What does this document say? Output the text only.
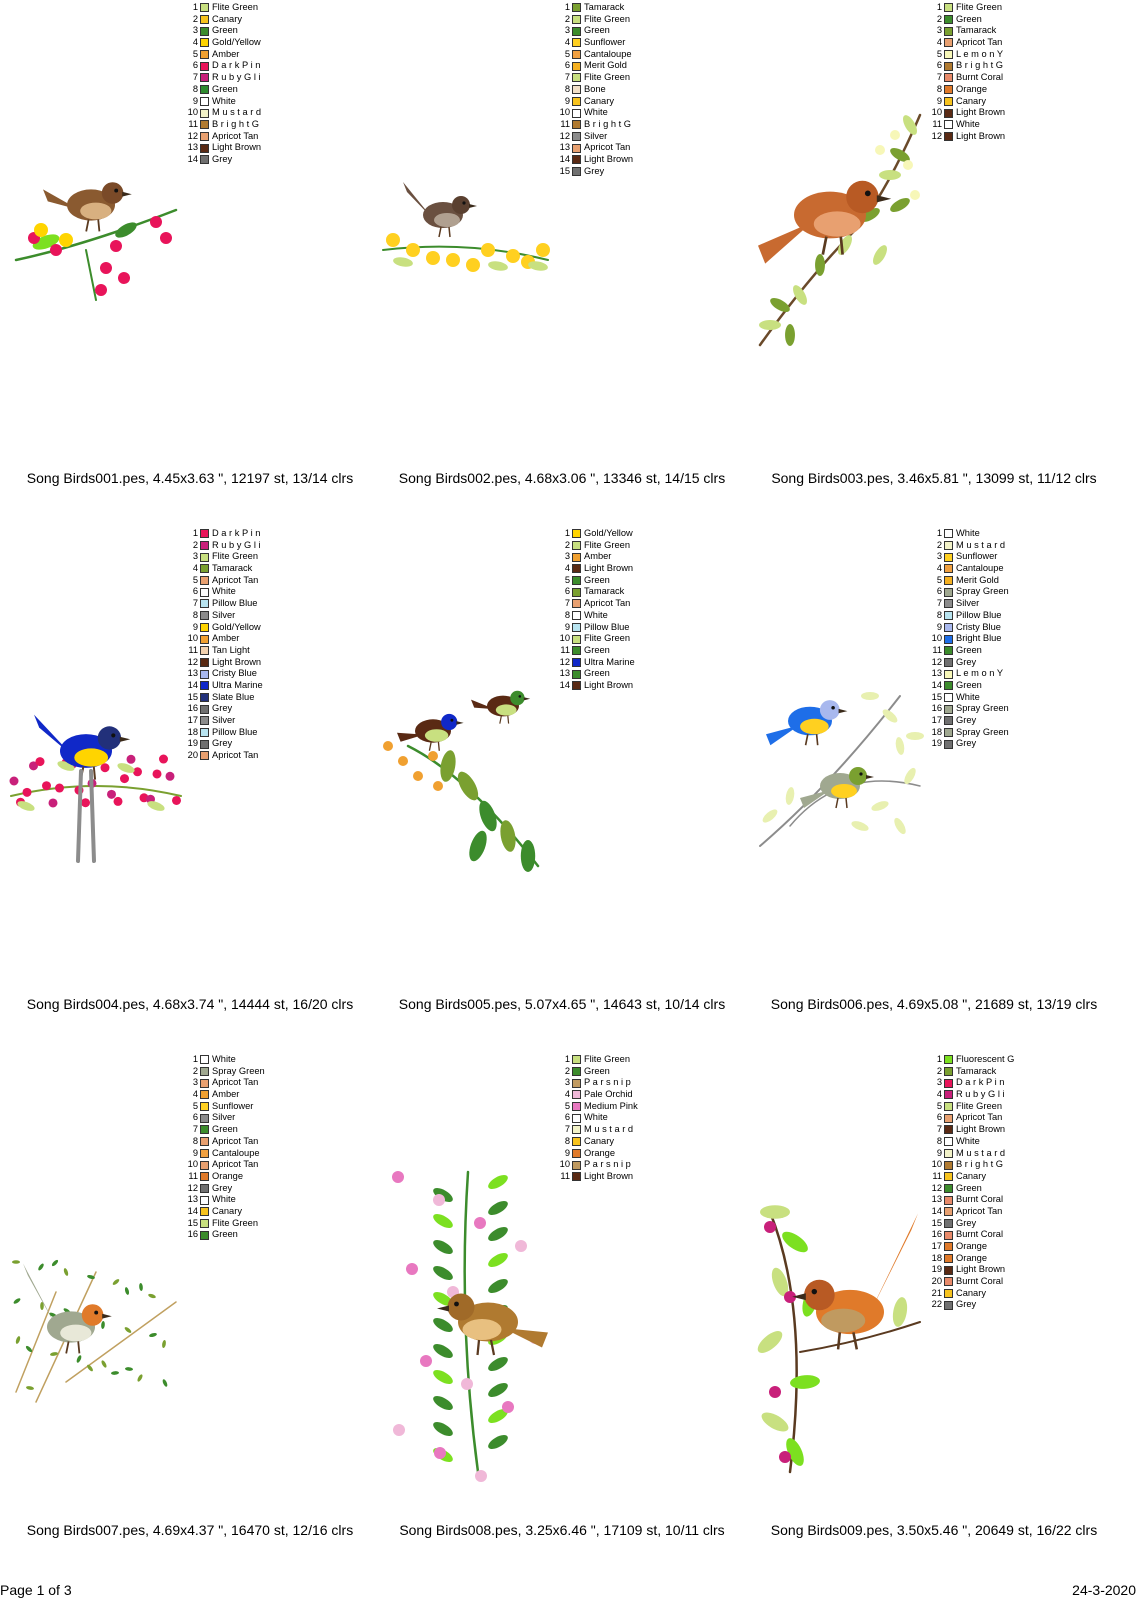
1 Flite Green
2 Canary
3 Green
4 Gold/Yellow
5 Amber
6 D a r k P i n
7 R u b y G l i
8 Green
9 White
10 M u s t a r d
11 B r i g h t G
12 Apricot Tan
13 Light Brown
14 Grey
Song Birds001.pes, 4.45x3.63 ", 12197 st, 13/14 clrs
1 Tamarack
2 Flite Green
3 Green
4 Sunflower
5 Cantaloupe
6 Merit Gold
7 Flite Green
8 Bone
9 Canary
10 White
11 B r i g h t G
12 Silver
13 Apricot Tan
14 Light Brown
15 Grey
Song Birds002.pes, 4.68x3.06 ", 13346 st, 14/15 clrs
1 Flite Green
2 Green
3 Tamarack
4 Apricot Tan
5 L e m o n Y
6 B r i g h t G
7 Burnt Coral
8 Orange
9 Canary
10 Light Brown
11 White
12 Light Brown
Song Birds003.pes, 3.46x5.81 ", 13099 st, 11/12 clrs
1 D a r k P i n
2 R u b y G l i
3 Flite Green
4 Tamarack
5 Apricot Tan
6 White
7 Pillow Blue
8 Silver
9 Gold/Yellow
10 Amber
11 Tan Light
12 Light Brown
13 Cristy Blue
14 Ultra Marine
15 Slate Blue
16 Grey
17 Silver
18 Pillow Blue
19 Grey
20 Apricot Tan
Song Birds004.pes, 4.68x3.74 ", 14444 st, 16/20 clrs
1 Gold/Yellow
2 Flite Green
3 Amber
4 Light Brown
5 Green
6 Tamarack
7 Apricot Tan
8 White
9 Pillow Blue
10 Flite Green
11 Green
12 Ultra Marine
13 Green
14 Light Brown
Song Birds005.pes, 5.07x4.65 ", 14643 st, 10/14 clrs
1 White
2 M u s t a r d
3 Sunflower
4 Cantaloupe
5 Merit Gold
6 Spray Green
7 Silver
8 Pillow Blue
9 Cristy Blue
10 Bright Blue
11 Green
12 Grey
13 L e m o n Y
14 Green
15 White
16 Spray Green
17 Grey
18 Spray Green
19 Grey
Song Birds006.pes, 4.69x5.08 ", 21689 st, 13/19 clrs
1 White
2 Spray Green
3 Apricot Tan
4 Amber
5 Sunflower
6 Silver
7 Green
8 Apricot Tan
9 Cantaloupe
10 Apricot Tan
11 Orange
12 Grey
13 White
14 Canary
15 Flite Green
16 Green
Song Birds007.pes, 4.69x4.37 ", 16470 st, 12/16 clrs
1 Flite Green
2 Green
3 P a r s n i p
4 Pale Orchid
5 Medium Pink
6 White
7 M u s t a r d
8 Canary
9 Orange
10 P a r s n i p
11 Light Brown
Song Birds008.pes, 3.25x6.46 ", 17109 st, 10/11 clrs
1 Fluorescent G
2 Tamarack
3 D a r k P i n
4 R u b y G l i
5 Flite Green
6 Apricot Tan
7 Light Brown
8 White
9 M u s t a r d
10 B r i g h t G
11 Canary
12 Green
13 Burnt Coral
14 Apricot Tan
15 Grey
16 Burnt Coral
17 Orange
18 Orange
19 Light Brown
20 Burnt Coral
21 Canary
22 Grey
Song Birds009.pes, 3.50x5.46 ", 20649 st, 16/22 clrs
Page 1 of 3	24-3-2020
